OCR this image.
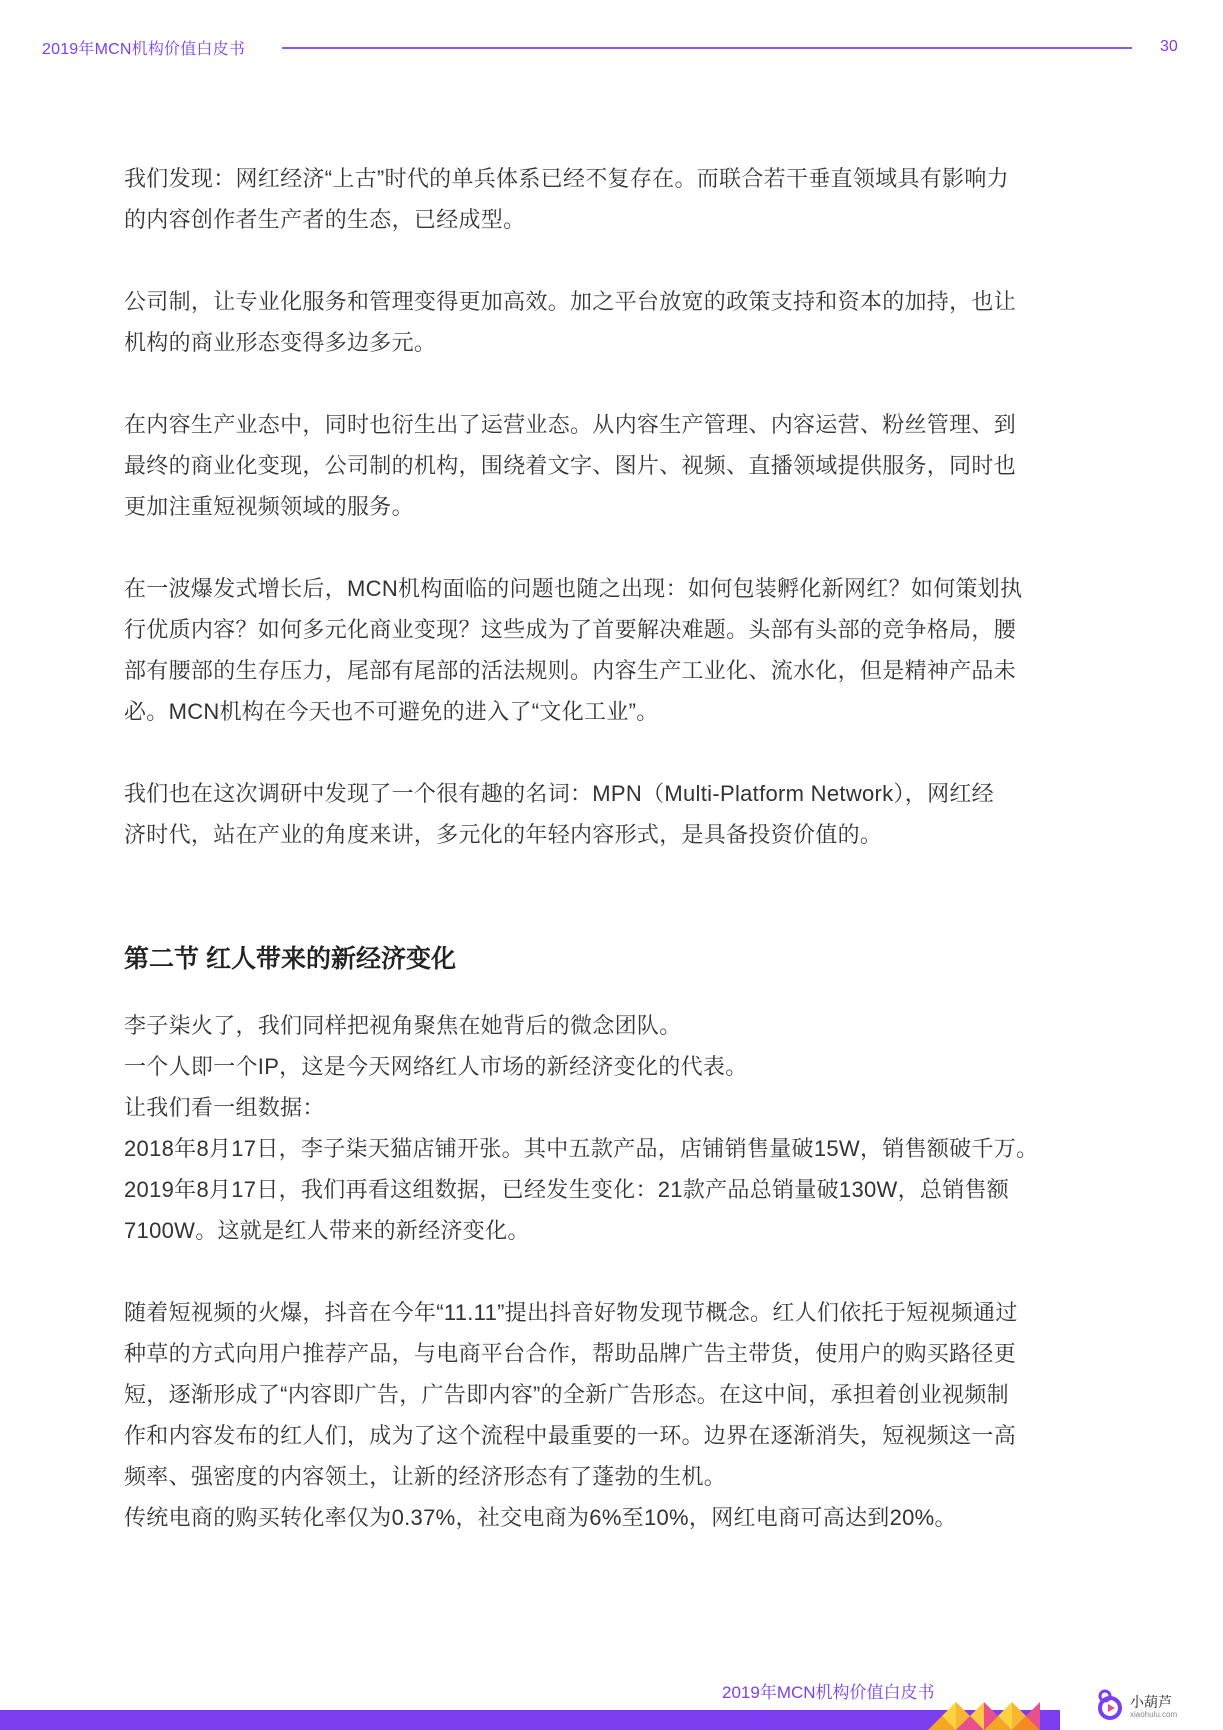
2019年MCN机构价值白皮书	30

我们发现：网红经济“上古”时代的单兵体系已经不复存在。而联合若干垂直领域具有影响力
的内容创作者生产者的生态，已经成型。

公司制，让专业化服务和管理变得更加高效。加之平台放宽的政策支持和资本的加持，也让
机构的商业形态变得多边多元。

在内容生产业态中，同时也衍生出了运营业态。从内容生产管理、内容运营、粉丝管理、到
最终的商业化变现，公司制的机构，围绕着文字、图片、视频、直播领域提供服务，同时也
更加注重短视频领域的服务。

在一波爆发式增长后，MCN机构面临的问题也随之出现：如何包装孵化新网红？如何策划执
行优质内容？如何多元化商业变现？这些成为了首要解决难题。头部有头部的竞争格局，腰
部有腰部的生存压力，尾部有尾部的活法规则。内容生产工业化、流水化，但是精神产品未
必。MCN机构在今天也不可避免的进入了“文化工业”。

我们也在这次调研中发现了一个很有趣的名词：MPN（Multi-Platform Network），网红经
济时代，站在产业的角度来讲，多元化的年轻内容形式，是具备投资价值的。

第二节 红人带来的新经济变化

李子柒火了，我们同样把视角聚焦在她背后的微念团队。
一个人即一个IP，这是今天网络红人市场的新经济变化的代表。
让我们看一组数据：
2018年8月17日，李子柒天猫店铺开张。其中五款产品，店铺销售量破15W，销售额破千万。
2019年8月17日，我们再看这组数据，已经发生变化：21款产品总销量破130W，总销售额
7100W。这就是红人带来的新经济变化。

随着短视频的火爆，抖音在今年“11.11”提出抖音好物发现节概念。红人们依托于短视频通过
种草的方式向用户推荐产品，与电商平台合作，帮助品牌广告主带货，使用户的购买路径更
短，逐渐形成了“内容即广告，广告即内容”的全新广告形态。在这中间，承担着创业视频制
作和内容发布的红人们，成为了这个流程中最重要的一环。边界在逐渐消失，短视频这一高
频率、强密度的内容领土，让新的经济形态有了蓬勃的生机。
传统电商的购买转化率仅为0.37%，社交电商为6%至10%，网红电商可高达到20%。

2019年MCN机构价值白皮书	小葫芦
xiaohulu.com
